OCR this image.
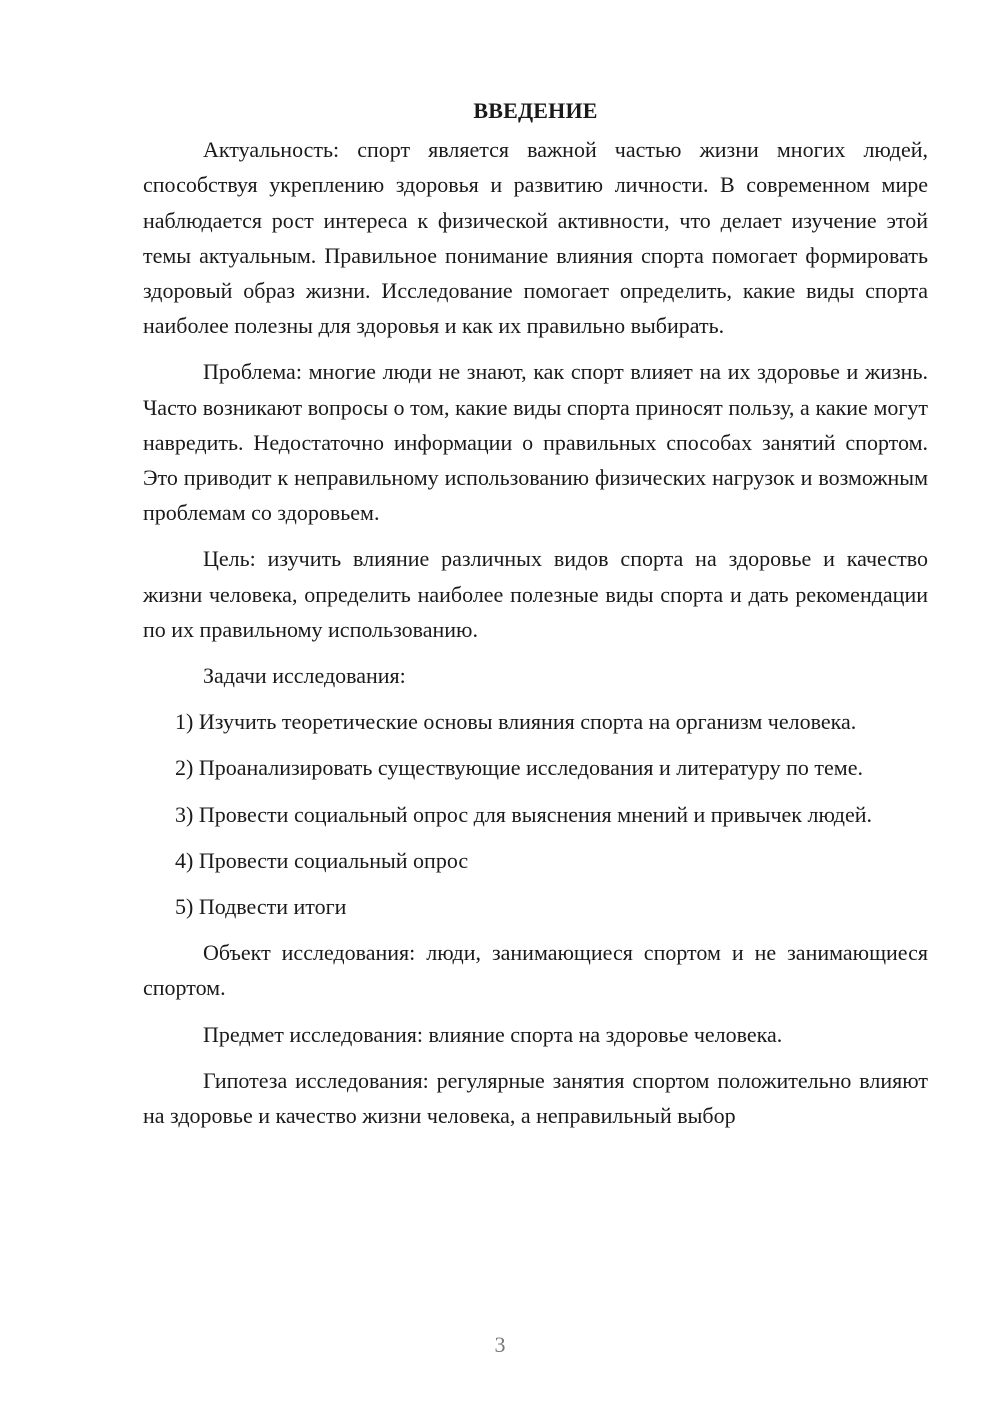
ВВЕДЕНИЕ

Актуальность: спорт является важной частью жизни многих людей, способствуя укреплению здоровья и развитию личности. В современном мире наблюдается рост интереса к физической активности, что делает изучение этой темы актуальным. Правильное понимание влияния спорта помогает формировать здоровый образ жизни. Исследование помогает определить, какие виды спорта наиболее полезны для здоровья и как их правильно выбирать.

Проблема: многие люди не знают, как спорт влияет на их здоровье и жизнь. Часто возникают вопросы о том, какие виды спорта приносят пользу, а какие могут навредить. Недостаточно информации о правильных способах занятий спортом. Это приводит к неправильному использованию физических нагрузок и возможным проблемам со здоровьем.

Цель: изучить влияние различных видов спорта на здоровье и качество жизни человека, определить наиболее полезные виды спорта и дать рекомендации по их правильному использованию.

Задачи исследования:

1) Изучить теоретические основы влияния спорта на организм человека.

2) Проанализировать существующие исследования и литературу по теме.

3) Провести социальный опрос для выяснения мнений и привычек людей.

4) Провести социальный опрос

5) Подвести итоги

Объект исследования: люди, занимающиеся спортом и не занимающиеся спортом.

Предмет исследования: влияние спорта на здоровье человека.

Гипотеза исследования: регулярные занятия спортом положительно влияют на здоровье и качество жизни человека, а неправильный выбор

3
